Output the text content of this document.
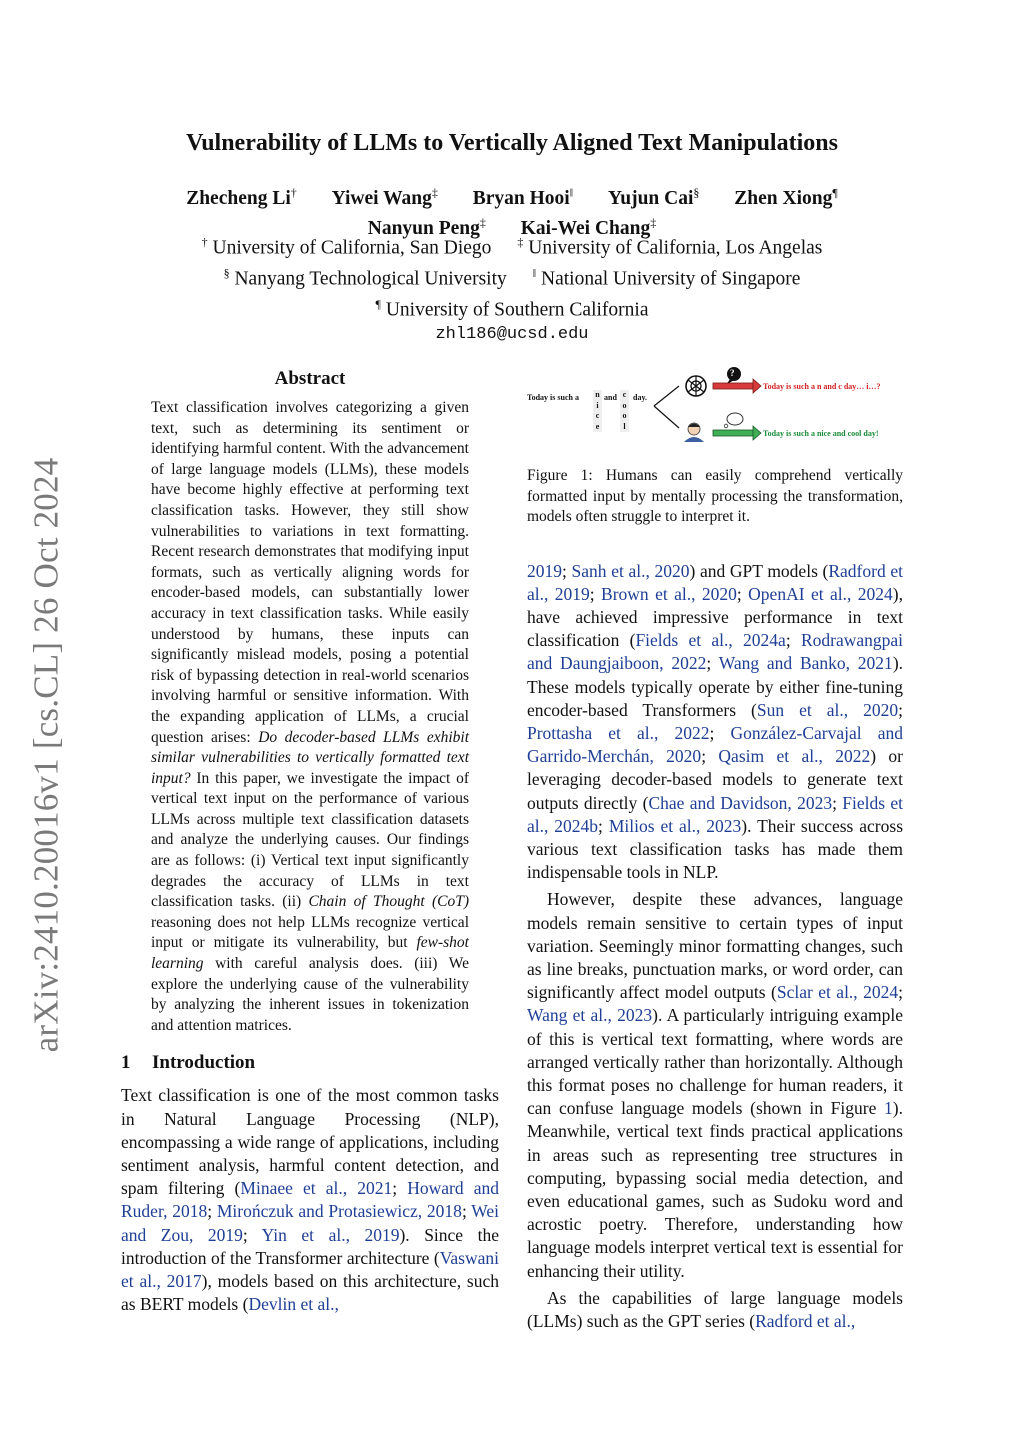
arXiv:2410.20016v1 [cs.CL] 26 Oct 2024
Vulnerability of LLMs to Vertically Aligned Text Manipulations
Zhecheng Li† Yiwei Wang‡ Bryan Hooi‖ Yujun Cai§ Zhen Xiong¶
Nanyun Peng‡ Kai-Wei Chang‡
† University of California, San Diego ‡ University of California, Los Angelas
§ Nanyang Technological University ‖ National University of Singapore
¶ University of Southern California
zhl186@ucsd.edu
Abstract

Text classification involves categorizing a given text, such as determining its sentiment or identifying harmful content. With the advancement of large language models (LLMs), these models have become highly effective at performing text classification tasks. However, they still show vulnerabilities to variations in text formatting. Recent research demonstrates that modifying input formats, such as vertically aligning words for encoder-based models, can substantially lower accuracy in text classification tasks. While easily understood by humans, these inputs can significantly mislead models, posing a potential risk of bypassing detection in real-world scenarios involving harmful or sensitive information. With the expanding application of LLMs, a crucial question arises: Do decoder-based LLMs exhibit similar vulnerabilities to vertically formatted text input? In this paper, we investigate the impact of vertical text input on the performance of various LLMs across multiple text classification datasets and analyze the underlying causes. Our findings are as follows: (i) Vertical text input significantly degrades the accuracy of LLMs in text classification tasks. (ii) Chain of Thought (CoT) reasoning does not help LLMs recognize vertical input or mitigate its vulnerability, but few-shot learning with careful analysis does. (iii) We explore the underlying cause of the vulnerability by analyzing the inherent issues in tokenization and attention matrices.

1 Introduction

Text classification is one of the most common tasks in Natural Language Processing (NLP), encompassing a wide range of applications, including sentiment analysis, harmful content detection, and spam filtering (Minaee et al., 2021; Howard and Ruder, 2018; Mirończuk and Protasiewicz, 2018; Wei and Zou, 2019; Yin et al., 2019). Since the introduction of the Transformer architecture (Vaswani et al., 2017), models based on this architecture, such as BERT models (Devlin et al.,

Today is such a n
i
c
e
and c
o
o
l
day.
?
Today is such a n and c day… i…?
Today is such a nice and cool day!

Figure 1: Humans can easily comprehend vertically formatted input by mentally processing the transformation, models often struggle to interpret it.

2019; Sanh et al., 2020) and GPT models (Radford et al., 2019; Brown et al., 2020; OpenAI et al., 2024), have achieved impressive performance in text classification (Fields et al., 2024a; Rodrawangpai and Daungjaiboon, 2022; Wang and Banko, 2021). These models typically operate by either fine-tuning encoder-based Transformers (Sun et al., 2020; Prottasha et al., 2022; González-Carvajal and Garrido-Merchán, 2020; Qasim et al., 2022) or leveraging decoder-based models to generate text outputs directly (Chae and Davidson, 2023; Fields et al., 2024b; Milios et al., 2023). Their success across various text classification tasks has made them indispensable tools in NLP.

However, despite these advances, language models remain sensitive to certain types of input variation. Seemingly minor formatting changes, such as line breaks, punctuation marks, or word order, can significantly affect model outputs (Sclar et al., 2024; Wang et al., 2023). A particularly intriguing example of this is vertical text formatting, where words are arranged vertically rather than horizontally. Although this format poses no challenge for human readers, it can confuse language models (shown in Figure 1). Meanwhile, vertical text finds practical applications in areas such as representing tree structures in computing, bypassing social media detection, and even educational games, such as Sudoku word and acrostic poetry. Therefore, understanding how language models interpret vertical text is essential for enhancing their utility.

As the capabilities of large language models (LLMs) such as the GPT series (Radford et al.,
